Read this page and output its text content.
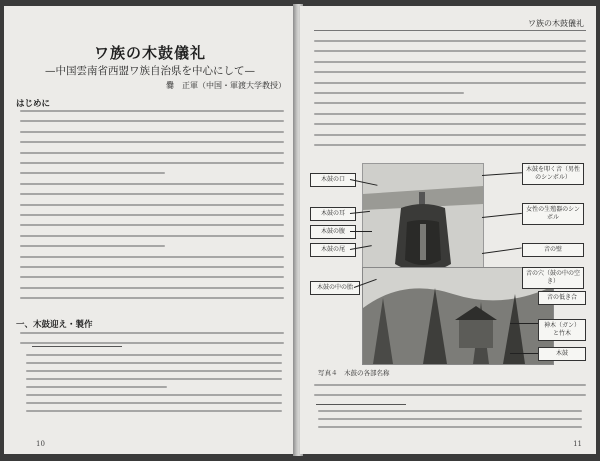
ワ族の木鼓儀礼
—中国雲南省西盟ワ族自治県を中心にして—
爨　正軍（中国・軍渡大学教授）
はじめに
一、木鼓迎え・製作
10
ワ族の木鼓儀礼
木鼓の口
木鼓の耳
木鼓の腹
木鼓の尾
木鼓の中の胎
木鼓を叩く音（男性のシンボル）
女性の生殖器のシンボル
音の壁
音の穴（鼓の中の空き）
音の低き合
神木（ガン）と竹木
木鼓
写真４　木鼓の各部名称
11
